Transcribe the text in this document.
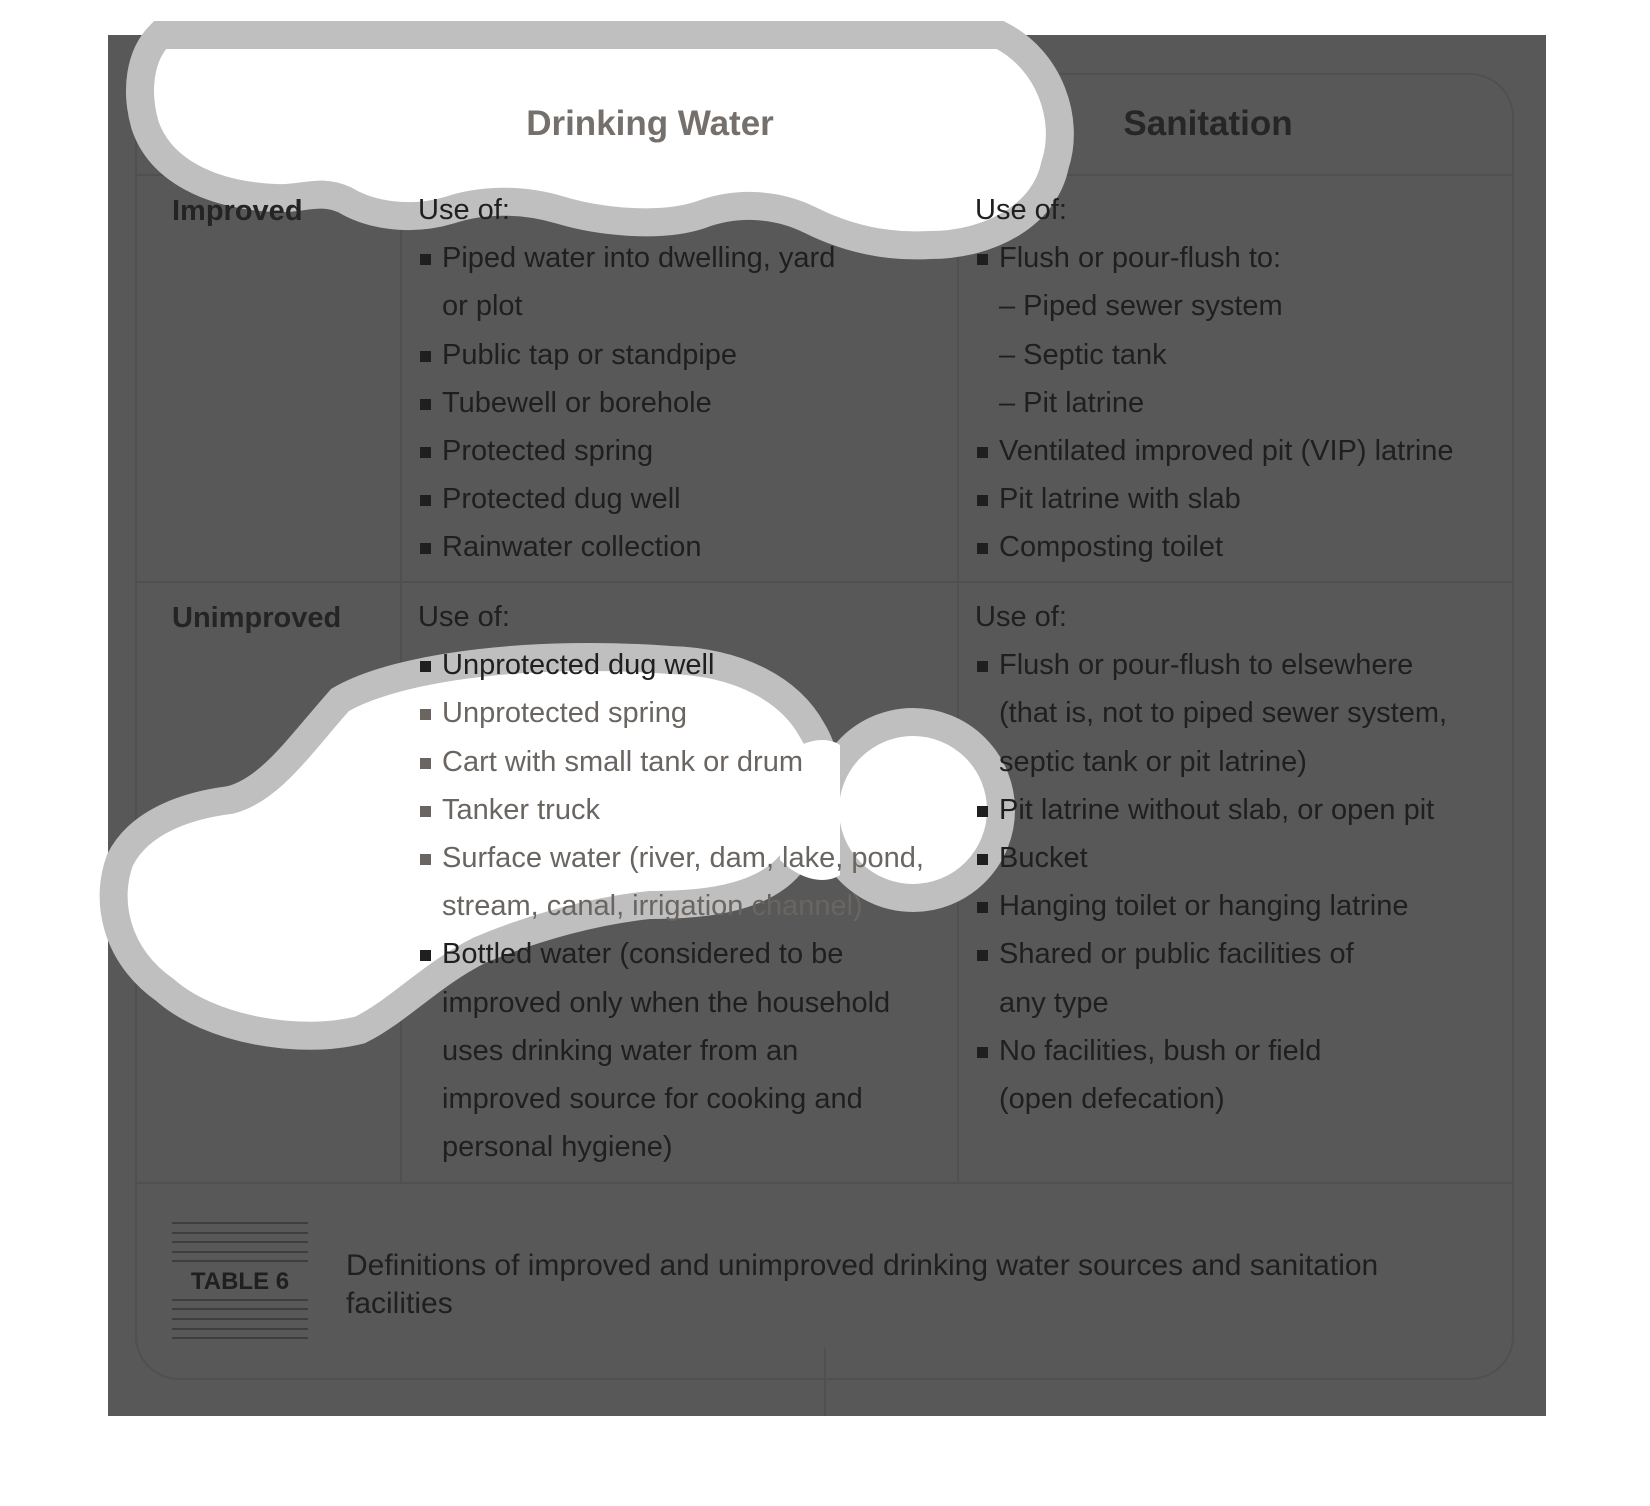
Drinking Water	Sanitation
Improved
Unimproved
Use of:
Piped water into dwelling, yard
or plot
Public tap or standpipe
Tubewell or borehole
Protected spring
Protected dug well
Rainwater collection
Use of:
Flush or pour-flush to:
– Piped sewer system
– Septic tank
– Pit latrine
Ventilated improved pit (VIP) latrine
Pit latrine with slab
Composting toilet
Use of:
Unprotected dug well
Unprotected spring
Cart with small tank or drum
Tanker truck
Surface water (river, dam, lake, pond,
stream, canal, irrigation channel)
Bottled water (considered to be
improved only when the household
uses drinking water from an
improved source for cooking and
personal hygiene)
Use of:
Flush or pour-flush to elsewhere
(that is, not to piped sewer system,
septic tank or pit latrine)
Pit latrine without slab, or open pit
Bucket
Hanging toilet or hanging latrine
Shared or public facilities of
any type
No facilities, bush or field
(open defecation)
TABLE 6	Definitions of improved and unimproved drinking water sources and sanitation facilities
